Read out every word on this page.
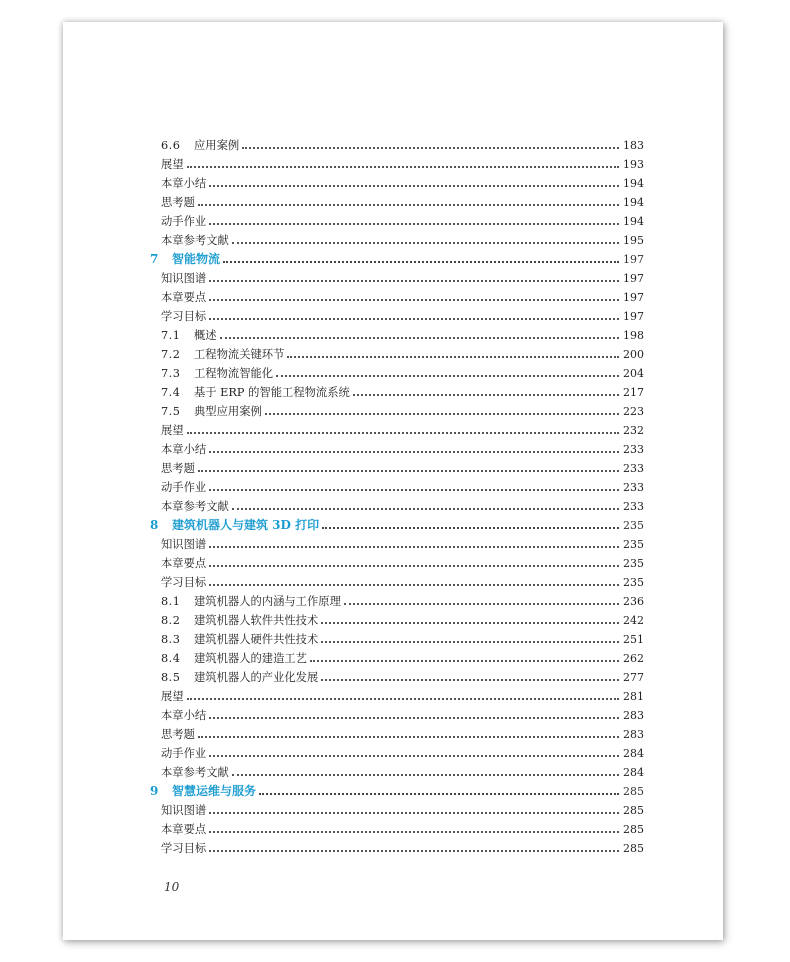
6.6	应用案例	183
展望	193
本章小结	194
思考题	194
动手作业	194
本章参考文献	195
7	智能物流	197
知识图谱	197
本章要点	197
学习目标	197
7.1	概述	198
7.2	工程物流关键环节	200
7.3	工程物流智能化	204
7.4	基于 ERP 的智能工程物流系统	217
7.5	典型应用案例	223
展望	232
本章小结	233
思考题	233
动手作业	233
本章参考文献	233
8	建筑机器人与建筑 3D 打印	235
知识图谱	235
本章要点	235
学习目标	235
8.1	建筑机器人的内涵与工作原理	236
8.2	建筑机器人软件共性技术	242
8.3	建筑机器人硬件共性技术	251
8.4	建筑机器人的建造工艺	262
8.5	建筑机器人的产业化发展	277
展望	281
本章小结	283
思考题	283
动手作业	284
本章参考文献	284
9	智慧运维与服务	285
知识图谱	285
本章要点	285
学习目标	285
10
